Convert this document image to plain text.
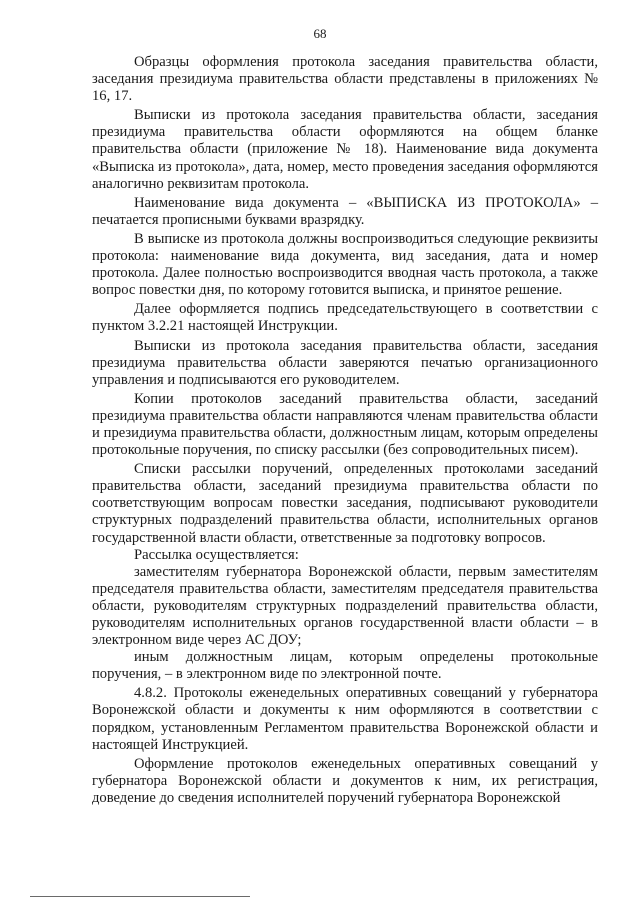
68

Образцы оформления протокола заседания правительства области, заседания президиума правительства области представлены в приложениях № 16, 17.

Выписки из протокола заседания правительства области, заседания президиума правительства области оформляются на общем бланке правительства области (приложение № 18). Наименование вида документа «Выписка из протокола», дата, номер, место проведения заседания оформляются аналогично реквизитам протокола.

Наименование вида документа – «ВЫПИСКА ИЗ ПРОТОКОЛА» – печатается прописными буквами вразрядку.

В выписке из протокола должны воспроизводиться следующие реквизиты протокола: наименование вида документа, вид заседания, дата и номер протокола. Далее полностью воспроизводится вводная часть протокола, а также вопрос повестки дня, по которому готовится выписка, и принятое решение.

Далее оформляется подпись председательствующего в соответствии с пунктом 3.2.21 настоящей Инструкции.

Выписки из протокола заседания правительства области, заседания президиума правительства области заверяются печатью организационного управления и подписываются его руководителем.

Копии протоколов заседаний правительства области, заседаний президиума правительства области направляются членам правительства области и президиума правительства области, должностным лицам, которым определены протокольные поручения, по списку рассылки (без сопроводительных писем).

Списки рассылки поручений, определенных протоколами заседаний правительства области, заседаний президиума правительства области по соответствующим вопросам повестки заседания, подписывают руководители структурных подразделений правительства области, исполнительных органов государственной власти области, ответственные за подготовку вопросов.

Рассылка осуществляется:

заместителям губернатора Воронежской области, первым заместителям председателя правительства области, заместителям председателя правительства области, руководителям структурных подразделений правительства области, руководителям исполнительных органов государственной власти области – в электронном виде через АС ДОУ;

иным должностным лицам, которым определены протокольные поручения, – в электронном виде по электронной почте.

4.8.2. Протоколы еженедельных оперативных совещаний у губернатора Воронежской области и документы к ним оформляются в соответствии с порядком, установленным Регламентом правительства Воронежской области и настоящей Инструкцией.

Оформление протоколов еженедельных оперативных совещаний у губернатора Воронежской области и документов к ним, их регистрация, доведение до сведения исполнителей поручений губернатора Воронежской
